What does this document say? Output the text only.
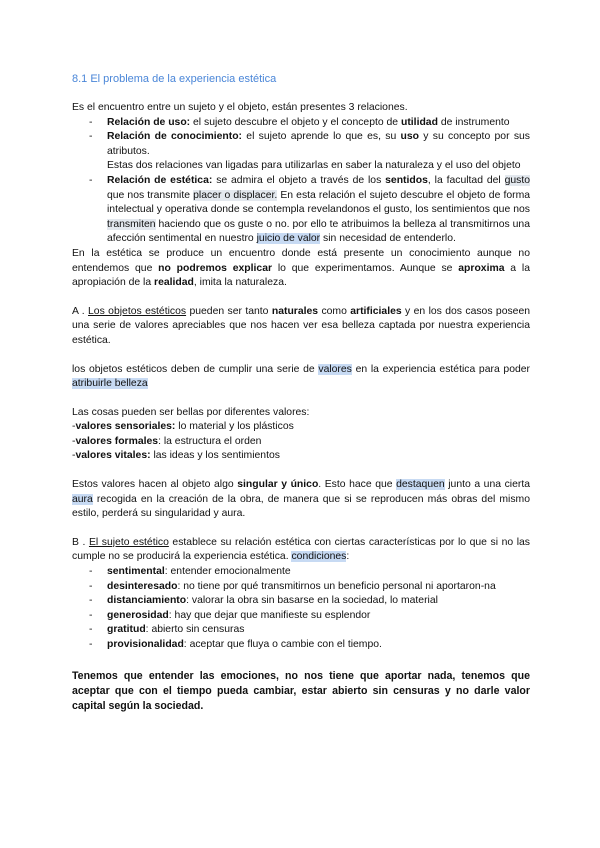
8.1 El problema de la experiencia estética

Es el encuentro entre un sujeto y el objeto, están presentes 3 relaciones.

- Relación de uso: el sujeto descubre el objeto y el concepto de utilidad de instrumento

- Relación de conocimiento: el sujeto aprende lo que es, su uso y su concepto por sus atributos.

Estas dos relaciones van ligadas para utilizarlas en saber la naturaleza y el uso del objeto

- Relación de estética: se admira el objeto a través de los sentidos, la facultad del gusto que nos transmite placer o displacer. En esta relación el sujeto descubre el objeto de forma intelectual y operativa donde se contempla revelandonos el gusto, los sentimientos que nos transmiten haciendo que os guste o no. por ello te atribuimos la belleza al transmitirnos una afección sentimental en nuestro juicio de valor sin necesidad de entenderlo.

En la estética se produce un encuentro donde está presente un conocimiento aunque no entendemos que no podremos explicar lo que experimentamos. Aunque se aproxima a la apropiación de la realidad, imita la naturaleza.

A . Los objetos estéticos pueden ser tanto naturales como artificiales y en los dos casos poseen una serie de valores apreciables que nos hacen ver esa belleza captada por nuestra experiencia estética.

los objetos estéticos deben de cumplir una serie de valores en la experiencia estética para poder atribuirle belleza

Las cosas pueden ser bellas por diferentes valores:

-valores sensoriales: lo material y los plásticos

-valores formales: la estructura el orden

-valores vitales: las ideas y los sentimientos

Estos valores hacen al objeto algo singular y único. Esto hace que destaquen junto a una cierta aura recogida en la creación de la obra, de manera que si se reproducen más obras del mismo estilo, perderá su singularidad y aura.

B . El sujeto estético establece su relación estética con ciertas características por lo que si no las cumple no se producirá la experiencia estética. condiciones:

- sentimental: entender emocionalmente
- desinteresado: no tiene por qué transmitirnos un beneficio personal ni aportaron-na
- distanciamiento: valorar la obra sin basarse en la sociedad, lo material
- generosidad: hay que dejar que manifieste su esplendor
- gratitud: abierto sin censuras
- provisionalidad: aceptar que fluya o cambie con el tiempo.

Tenemos que entender las emociones, no nos tiene que aportar nada, tenemos que aceptar que con el tiempo pueda cambiar, estar abierto sin censuras y no darle valor capital según la sociedad.
